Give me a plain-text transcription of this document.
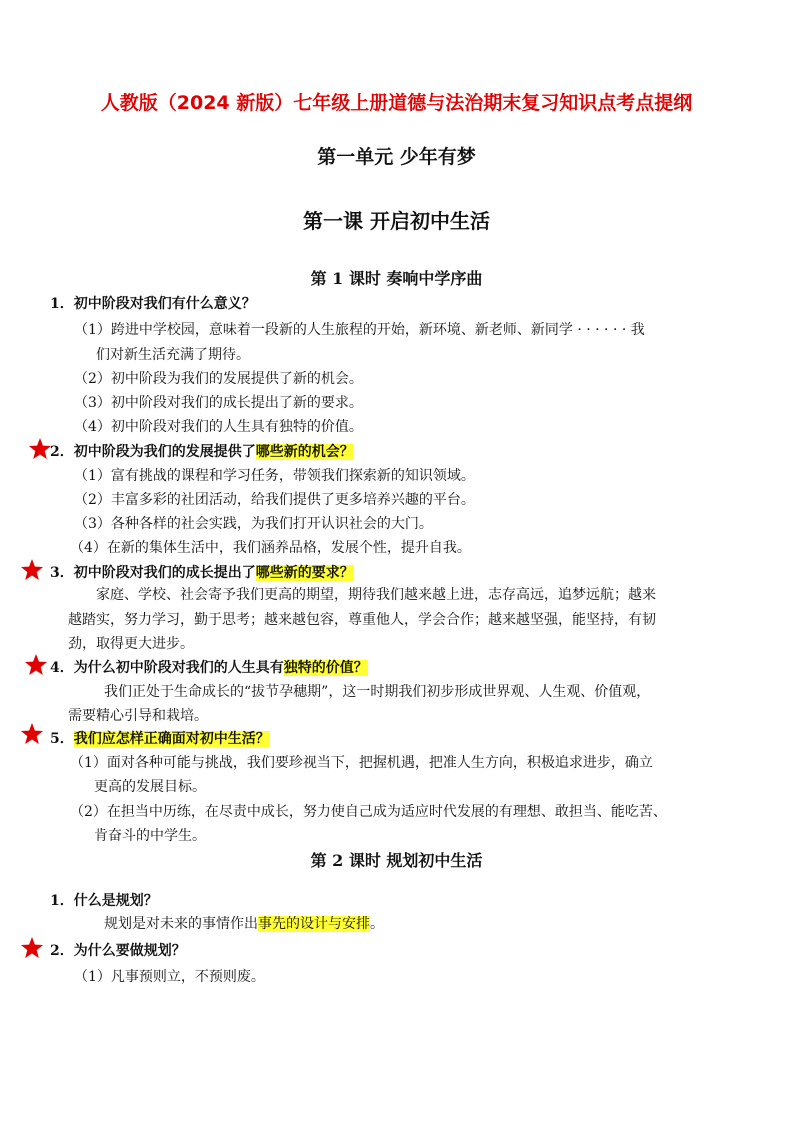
人教版（2024 新版）七年级上册道德与法治期末复习知识点考点提纲
第一单元 少年有梦
第一课 开启初中生活
第 1 课时 奏响中学序曲
1．初中阶段对我们有什么意义？
（1）跨进中学校园，意味着一段新的人生旅程的开始，新环境、新老师、新同学 · · · · · · 我
们对新生活充满了期待。
（2）初中阶段为我们的发展提供了新的机会。
（3）初中阶段对我们的成长提出了新的要求。
（4）初中阶段对我们的人生具有独特的价值。
2．初中阶段为我们的发展提供了哪些新的机会？
（1）富有挑战的课程和学习任务，带领我们探索新的知识领域。
（2）丰富多彩的社团活动，给我们提供了更多培养兴趣的平台。
（3）各种各样的社会实践，为我们打开认识社会的大门。
（4）在新的集体生活中，我们涵养品格，发展个性，提升自我。
3．初中阶段对我们的成长提出了哪些新的要求？
家庭、学校、社会寄予我们更高的期望，期待我们越来越上进，志存高远，追梦远航；越来
越踏实，努力学习，勤于思考；越来越包容，尊重他人，学会合作；越来越坚强，能坚持，有韧
劲，取得更大进步。
4．为什么初中阶段对我们的人生具有独特的价值？
我们正处于生命成长的“拔节孕穗期”，这一时期我们初步形成世界观、人生观、价值观，
需要精心引导和栽培。
5．我们应怎样正确面对初中生活？
（1）面对各种可能与挑战，我们要珍视当下，把握机遇，把准人生方向，积极追求进步，确立
更高的发展目标。
（2）在担当中历练，在尽责中成长，努力使自己成为适应时代发展的有理想、敢担当、能吃苦、
肯奋斗的中学生。
第 2 课时 规划初中生活
1．什么是规划？
规划是对未来的事情作出事先的设计与安排。
2．为什么要做规划？
（1）凡事预则立，不预则废。
